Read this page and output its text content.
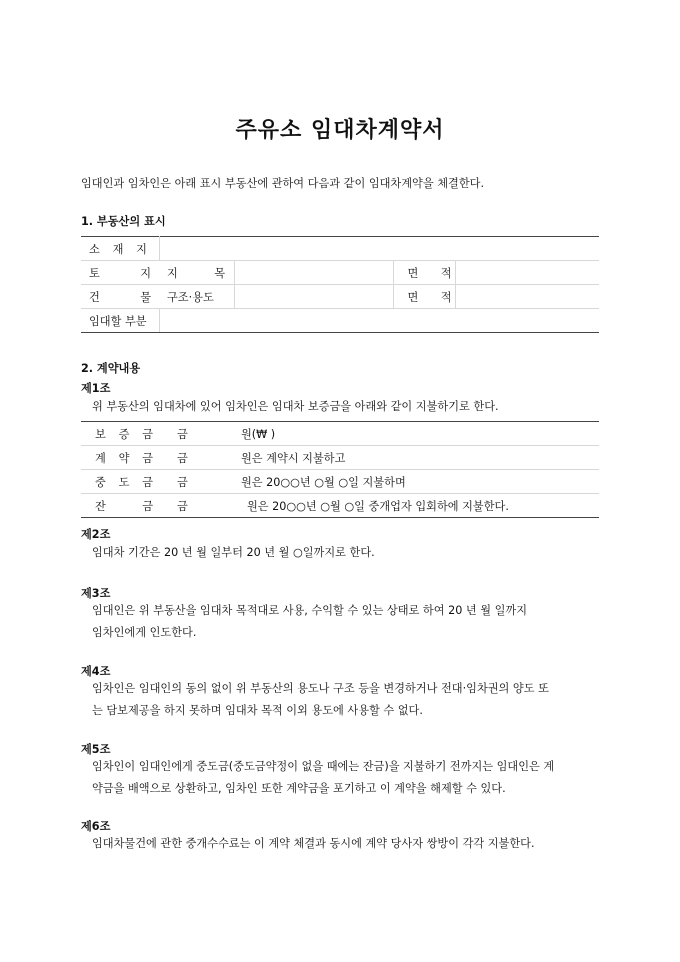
주유소 임대차계약서
임대인과 임차인은 아래 표시 부동산에 관하여 다음과 같이 임대차계약을 체결한다.
1. 부동산의 표시
소 재 지				

토 지	지 목		면 적	

건 물	구조·용도		면 적	

임대할 부분				
2. 계약내용
제1조
위 부동산의 임대차에 있어 임차인은 임대차 보증금을 아래와 같이 지불하기로 한다.
보 증 금	금	원(₩ )

계 약 금	금	원은 계약시 지불하고

중 도 금	금	원은 20○○년 ○월 ○일 지불하며

잔 금	금	원은 20○○년 ○월 ○일 중개업자 입회하에 지불한다.
제2조
임대차 기간은 20 년 월 일부터 20 년 월 ○일까지로 한다.
제3조
임대인은 위 부동산을 임대차 목적대로 사용, 수익할 수 있는 상태로 하여 20 년 월 일까지
임차인에게 인도한다.
제4조
임차인은 임대인의 동의 없이 위 부동산의 용도나 구조 등을 변경하거나 전대·임차권의 양도 또
는 담보제공을 하지 못하며 임대차 목적 이외 용도에 사용할 수 없다.
제5조
임차인이 임대인에게 중도금(중도금약정이 없을 때에는 잔금)을 지불하기 전까지는 임대인은 계
약금을 배액으로 상환하고, 임차인 또한 계약금을 포기하고 이 계약을 해제할 수 있다.
제6조
임대차물건에 관한 중개수수료는 이 계약 체결과 동시에 계약 당사자 쌍방이 각각 지불한다.
